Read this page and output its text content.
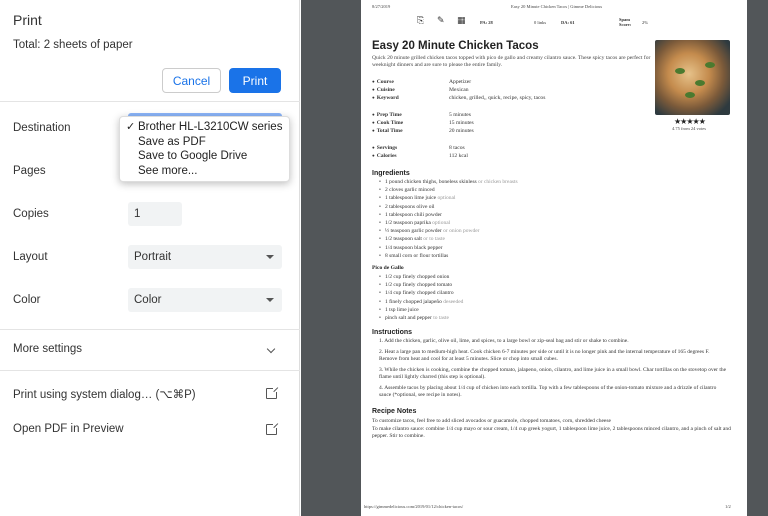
Print
Total: 2 sheets of paper
Cancel	Print
Destination
Pages
Copies	1
Layout	Portrait
Color	Color
More settings
Print using system dialog… (⌥⌘P)
Open PDF in Preview
✓ Brother HL-L3210CW series
Save as PDF
Save to Google Drive
See more...
8/27/2019	Easy 20 Minute Chicken Tacos | Gimme Delicious
⎘ ✎ ▦	PA: 28	0 links	DA: 61
Spam Score:	2%
Easy 20 Minute Chicken Tacos
Quick 20 minute grilled chicken tacos topped with pico de gallo and creamy cilantro sauce. These spicy tacos are perfect for weeknight dinners and are sure to please the entire family.
★★★★★
4.75 from 24 votes
● Course	Appetizer
● Cuisine	Mexican
● Keyword	chicken, grilled,, quick, recipe, spicy, tacos
● Prep Time	5 minutes
● Cook Time	15 minutes
● Total Time	20 minutes
● Servings	8 tacos
● Calories	112 kcal
Ingredients
• 1 pound chicken thighs, boneless skinless or chicken breasts
• 2 cloves garlic minced
• 1 tablespoon lime juice optional
• 2 tablespoons olive oil
• 1 tablespoon chili powder
• 1/2 teaspoon paprika optional
• ½ teaspoon garlic powder or onion powder
• 1/2 teaspoon salt or to taste
• 1/4 teaspoon black pepper
• 8 small corn or flour tortillas
Pico de Gallo
• 1/2 cup finely chopped onion
• 1/2 cup finely chopped tomato
• 1/4 cup finely chopped cilantro
• 1 finely chopped jalapeño deseeded
• 1 tsp lime juice
• pinch salt and pepper to taste
Instructions
1. Add the chicken, garlic, olive oil, lime, and spices, to a large bowl or zip-seal bag and stir or shake to combine.
2. Heat a large pan to medium-high heat. Cook chicken 6-7 minutes per side or until it is no longer pink and the internal temperature of 165 degrees F. Remove from heat and cool for at least 5 minutes. Slice or chop into small cubes.
3. While the chicken is cooking, combine the chopped tomato, jalapeno, onion, cilantro, and lime juice in a small bowl. Char tortillas on the stovetop over the flame until lightly charred (this step is optional).
4. Assemble tacos by placing about 1/4 cup of chicken into each tortilla. Top with a few tablespoons of the onion-tomato mixture and a drizzle of cilantro sauce (*optional, see recipe in notes).
Recipe Notes
To customize tacos, feel free to add sliced avocados or guacamole, chopped tomatoes, corn, shredded cheese
To make cilantro sauce: combine 1/4 cup mayo or sour cream, 1/4 cup greek yogurt, 1 tablespoon lime juice, 2 tablespoons minced cilantro, and a pinch of salt and pepper. Stir to combine.
https://gimmedelicious.com/2019/01/12/chicken-tacos/	1/2
